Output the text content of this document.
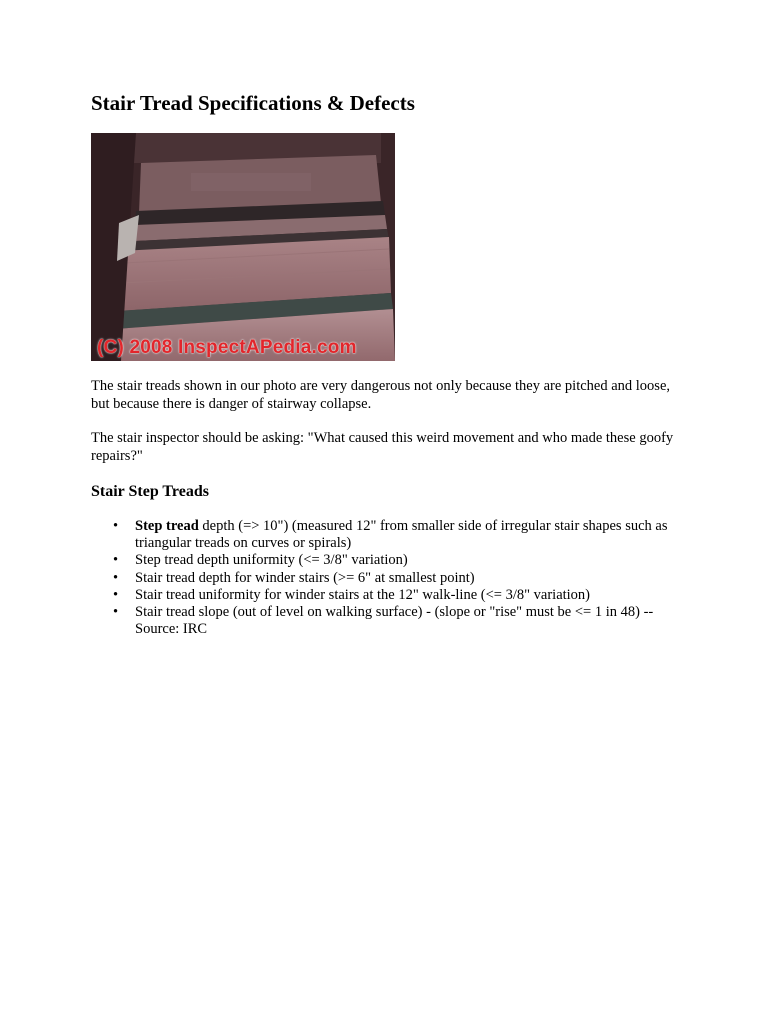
Stair Tread Specifications & Defects
(C) 2008 InspectAPedia.com

The stair treads shown in our photo are very dangerous not only because they are pitched and loose, but because there is danger of stairway collapse.

The stair inspector should be asking: "What caused this weird movement and who made these goofy repairs?"

Stair Step Treads
• Step tread depth (=> 10") (measured 12" from smaller side of irregular stair shapes such as triangular treads on curves or spirals)
• Step tread depth uniformity (<= 3/8" variation)
• Stair tread depth for winder stairs (>= 6" at smallest point)
• Stair tread uniformity for winder stairs at the 12" walk-line (<= 3/8" variation)
• Stair tread slope (out of level on walking surface) - (slope or "rise" must be <= 1 in 48) -- Source: IRC
